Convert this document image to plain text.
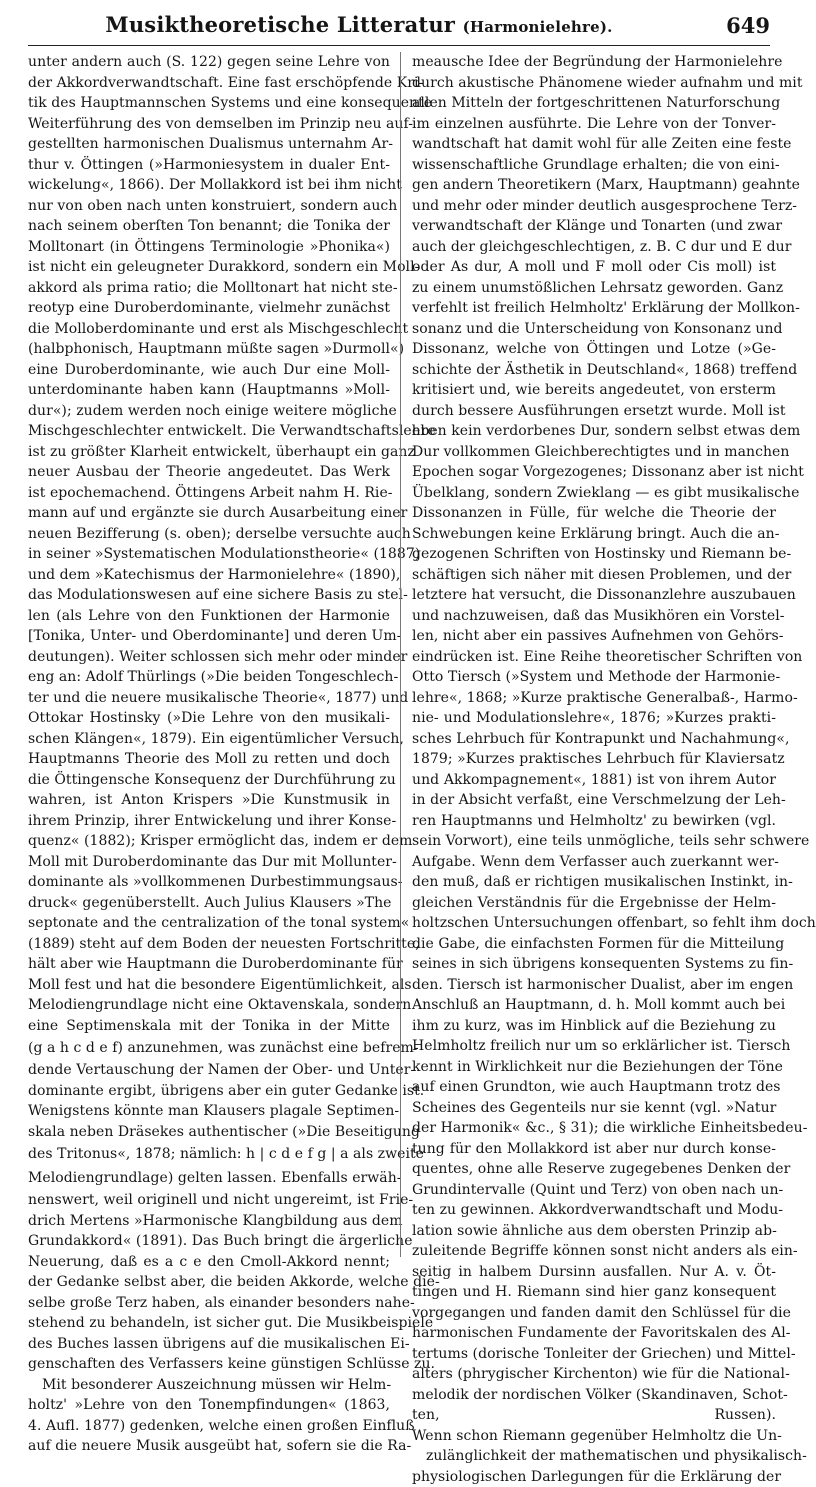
Musiktheoretische Litteratur (Harmonielehre).	649
unter andern auch (S. 122) gegen seine Lehre von
der Akkordverwandtschaft. Eine fast erschöpfende Kri-
tik des Hauptmannschen Systems und eine konsequente
Weiterführung des von demselben im Prinzip neu auf-
gestellten harmonischen Dualismus unternahm Ar-
thur v. Öttingen (»Harmoniesystem in dualer Ent-
wickelung«, 1866). Der Mollakkord ist bei ihm nicht
nur von oben nach unten konstruiert, sondern auch
nach seinem oberſten Ton benannt; die Tonika der
Molltonart (in Öttingens Terminologie »Phonika«)
ist nicht ein geleugneter Durakkord, sondern ein Moll-
akkord als prima ratio; die Molltonart hat nicht ste-
reotyp eine Duroberdominante, vielmehr zunächst
die Molloberdominante und erst als Mischgeschlecht
(halbphonisch, Hauptmann müßte sagen »Durmoll«)
eine Duroberdominante, wie auch Dur eine Moll-
unterdominante haben kann (Hauptmanns »Moll-
dur«); zudem werden noch einige weitere mögliche
Mischgeschlechter entwickelt. Die Verwandtschaftslehre
ist zu größter Klarheit entwickelt, überhaupt ein ganz
neuer Ausbau der Theorie angedeutet. Das Werk
ist epochemachend. Öttingens Arbeit nahm H. Rie-
mann auf und ergänzte sie durch Ausarbeitung einer
neuen Bezifferung (s. oben); derselbe versuchte auch
in seiner »Systematischen Modulationstheorie« (1887)
und dem »Katechismus der Harmonielehre« (1890),
das Modulationswesen auf eine sichere Basis zu stel-
len (als Lehre von den Funktionen der Harmonie
[Tonika, Unter- und Oberdominante] und deren Um-
deutungen). Weiter schlossen sich mehr oder minder
eng an: Adolf Thürlings (»Die beiden Tongeschlech-
ter und die neuere musikalische Theorie«, 1877) und
Ottokar Hostinsky (»Die Lehre von den musikali-
schen Klängen«, 1879). Ein eigentümlicher Versuch,
Hauptmanns Theorie des Moll zu retten und doch
die Öttingensche Konsequenz der Durchführung zu
wahren, ist Anton Krispers »Die Kunstmusik in
ihrem Prinzip, ihrer Entwickelung und ihrer Konse-
quenz« (1882); Krisper ermöglicht das, indem er dem
Moll mit Duroberdominante das Dur mit Mollunter-
dominante als »vollkommenen Durbestimmungsaus-
druck« gegenüberstellt. Auch Julius Klausers »The
septonate and the centralization of the tonal system«
(1889) steht auf dem Boden der neuesten Fortschritte,
hält aber wie Hauptmann die Duroberdominante für
Moll fest und hat die besondere Eigentümlichkeit, als
Melodiengrundlage nicht eine Oktavenskala, sondern
eine Septimenskala mit der Tonika in der Mitte
(g a h c d e f) anzunehmen, was zunächst eine befrem-
dende Vertauschung der Namen der Ober- und Unter-
dominante ergibt, übrigens aber ein guter Gedanke ist.
Wenigstens könnte man Klausers plagale Septimen-
skala neben Dräsekes authentischer (»Die Beseitigung
des Tritonus«, 1878; nämlich: h | c d e f g | a als zweite
Melodiengrundlage) gelten lassen. Ebenfalls erwäh-
nenswert, weil originell und nicht ungereimt, ist Frie-
drich Mertens »Harmonische Klangbildung aus dem
Grundakkord« (1891). Das Buch bringt die ärgerliche
Neuerung, daß es a c e den Cmoll-Akkord nennt;
der Gedanke selbst aber, die beiden Akkorde, welche die-
selbe große Terz haben, als einander besonders nahe-
stehend zu behandeln, ist sicher gut. Die Musikbeispiele
des Buches lassen übrigens auf die musikalischen Ei-
genschaften des Verfassers keine günstigen Schlüsse zu.
Mit besonderer Auszeichnung müssen wir Helm-
holtz' »Lehre von den Tonempfindungen« (1863,
4. Aufl. 1877) gedenken, welche einen großen Einfluß
auf die neuere Musik ausgeübt hat, sofern sie die Ra-
meausche Idee der Begründung der Harmonielehre
durch akustische Phänomene wieder aufnahm und mit
allen Mitteln der fortgeschrittenen Naturforschung
im einzelnen ausführte. Die Lehre von der Tonver-
wandtschaft hat damit wohl für alle Zeiten eine feste
wissenschaftliche Grundlage erhalten; die von eini-
gen andern Theoretikern (Marx, Hauptmann) geahnte
und mehr oder minder deutlich ausgesprochene Terz-
verwandtschaft der Klänge und Tonarten (und zwar
auch der gleichgeschlechtigen, z. B. C dur und E dur
oder As dur, A moll und F moll oder Cis moll) ist
zu einem unumstößlichen Lehrsatz geworden. Ganz
verfehlt ist freilich Helmholtz' Erklärung der Mollkon-
sonanz und die Unterscheidung von Konsonanz und
Dissonanz, welche von Öttingen und Lotze (»Ge-
schichte der Ästhetik in Deutschland«, 1868) treffend
kritisiert und, wie bereits angedeutet, von ersterm
durch bessere Ausführungen ersetzt wurde. Moll ist
eben kein verdorbenes Dur, sondern selbst etwas dem
Dur vollkommen Gleichberechtigtes und in manchen
Epochen sogar Vorgezogenes; Dissonanz aber ist nicht
Übelklang, sondern Zwieklang — es gibt musikalische
Dissonanzen in Fülle, für welche die Theorie der
Schwebungen keine Erklärung bringt. Auch die an-
gezogenen Schriften von Hostinsky und Riemann be-
schäftigen sich näher mit diesen Problemen, und der
letztere hat versucht, die Dissonanzlehre auszubauen
und nachzuweisen, daß das Musikhören ein Vorstel-
len, nicht aber ein passives Aufnehmen von Gehörs-
eindrücken ist. Eine Reihe theoretischer Schriften von
Otto Tiersch (»System und Methode der Harmonie-
lehre«, 1868; »Kurze praktische Generalbaß-, Harmo-
nie- und Modulationslehre«, 1876; »Kurzes prakti-
sches Lehrbuch für Kontrapunkt und Nachahmung«,
1879; »Kurzes praktisches Lehrbuch für Klaviersatz
und Akkompagnement«, 1881) ist von ihrem Autor
in der Absicht verfaßt, eine Verschmelzung der Leh-
ren Hauptmanns und Helmholtz' zu bewirken (vgl.
sein Vorwort), eine teils unmögliche, teils sehr schwere
Aufgabe. Wenn dem Verfasser auch zuerkannt wer-
den muß, daß er richtigen musikalischen Instinkt, in-
gleichen Verständnis für die Ergebnisse der Helm-
holtzschen Untersuchungen offenbart, so fehlt ihm doch
die Gabe, die einfachsten Formen für die Mitteilung
seines in sich übrigens konsequenten Systems zu fin-
den. Tiersch ist harmonischer Dualist, aber im engen
Anschluß an Hauptmann, d. h. Moll kommt auch bei
ihm zu kurz, was im Hinblick auf die Beziehung zu
Helmholtz freilich nur um so erklärlicher ist. Tiersch
kennt in Wirklichkeit nur die Beziehungen der Töne
auf einen Grundton, wie auch Hauptmann trotz des
Scheines des Gegenteils nur sie kennt (vgl. »Natur
der Harmonik« &c., § 31); die wirkliche Einheitsbedeu-
tung für den Mollakkord ist aber nur durch konse-
quentes, ohne alle Reserve zugegebenes Denken der
Grundintervalle (Quint und Terz) von oben nach un-
ten zu gewinnen. Akkordverwandtschaft und Modu-
lation sowie ähnliche aus dem obersten Prinzip ab-
zuleitende Begriffe können sonst nicht anders als ein-
seitig in halbem Dursinn ausfallen. Nur A. v. Öt-
tingen und H. Riemann sind hier ganz konsequent
vorgegangen und fanden damit den Schlüssel für die
harmonischen Fundamente der Favoritskalen des Al-
tertums (dorische Tonleiter der Griechen) und Mittel-
alters (phrygischer Kirchenton) wie für die National-
melodik der nordischen Völker (Skandinaven, Schot-
ten, Russen).
Wenn schon Riemann gegenüber Helmholtz die Un-
zulänglichkeit der mathematischen und physikalisch-
physiologischen Darlegungen für die Erklärung der
